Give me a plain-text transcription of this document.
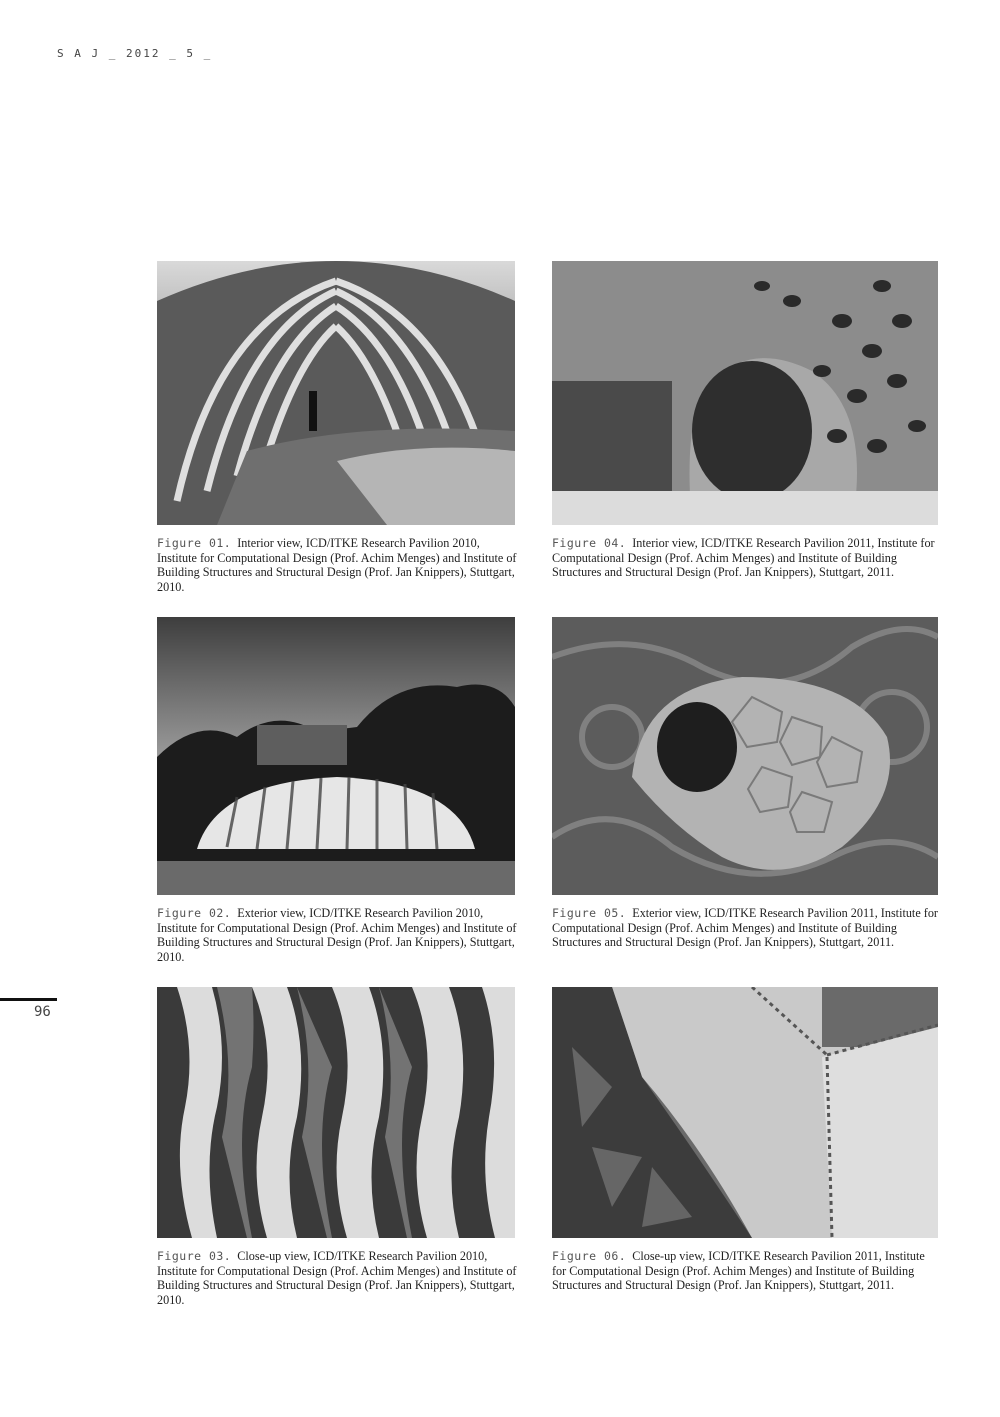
S A J _ 2012 _ 5 _
96
Figure 01. Interior view, ICD/ITKE Research Pavilion 2010, Institute for Computational Design (Prof. Achim Menges) and Institute of Building Structures and Structural Design (Prof. Jan Knippers), Stuttgart, 2010.
Figure 02. Exterior view, ICD/ITKE Research Pavilion 2010, Institute for Computational Design (Prof. Achim Menges) and Institute of Building Structures and Structural Design (Prof. Jan Knippers), Stuttgart, 2010.
Figure 03. Close-up view, ICD/ITKE Research Pavilion 2010, Institute for Computational Design (Prof. Achim Menges) and Institute of Building Structures and Structural Design (Prof. Jan Knippers), Stuttgart, 2010.
Figure 04. Interior view, ICD/ITKE Research Pavilion 2011, Institute for Computational Design (Prof. Achim Menges) and Institute of Building Structures and Structural Design (Prof. Jan Knippers), Stuttgart, 2011.
Figure 05. Exterior view, ICD/ITKE Research Pavilion 2011, Institute for Computational Design (Prof. Achim Menges) and Institute of Building Structures and Structural Design (Prof. Jan Knippers), Stuttgart, 2011.
Figure 06. Close-up view, ICD/ITKE Research Pavilion 2011, Institute for Computational Design (Prof. Achim Menges) and Institute of Building Structures and Structural Design (Prof. Jan Knippers), Stuttgart, 2011.
